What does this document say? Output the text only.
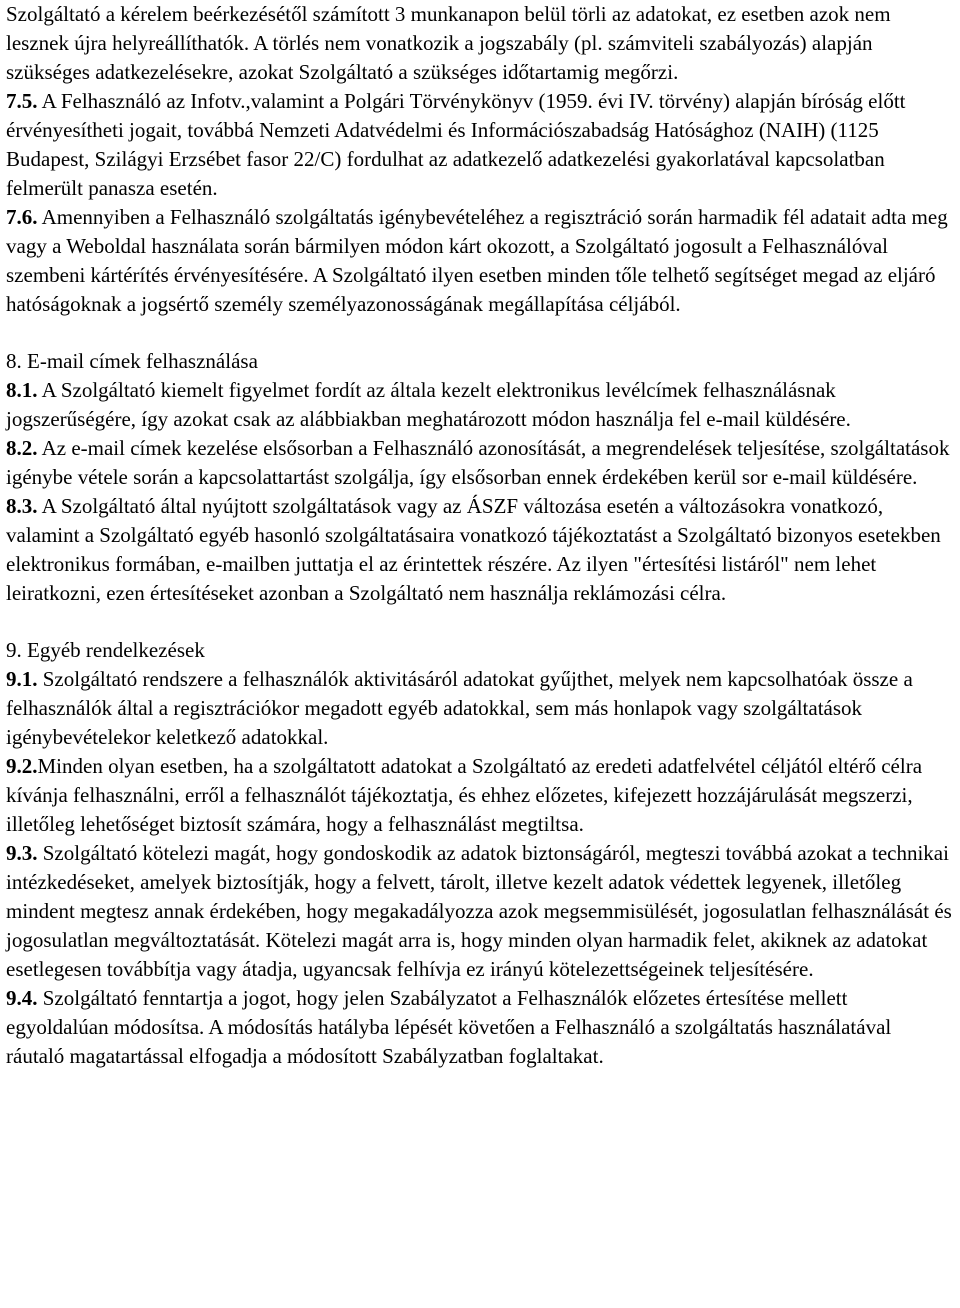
Szolgáltató a kérelem beérkezésétől számított 3 munkanapon belül törli az adatokat, ez esetben azok nem lesznek újra helyreállíthatók. A törlés nem vonatkozik a jogszabály (pl. számviteli szabályozás) alapján szükséges adatkezelésekre, azokat Szolgáltató a szükséges időtartamig megőrzi.

7.5. A Felhasználó az Infotv.,valamint a Polgári Törvénykönyv (1959. évi IV. törvény) alapján bíróság előtt érvényesítheti jogait, továbbá Nemzeti Adatvédelmi és Információszabadság Hatósághoz (NAIH) (1125 Budapest, Szilágyi Erzsébet fasor 22/C) fordulhat az adatkezelő adatkezelési gyakorlatával kapcsolatban felmerült panasza esetén.

7.6. Amennyiben a Felhasználó szolgáltatás igénybevételéhez a regisztráció során harmadik fél adatait adta meg vagy a Weboldal használata során bármilyen módon kárt okozott, a Szolgáltató jogosult a Felhasználóval szembeni kártérítés érvényesítésére. A Szolgáltató ilyen esetben minden tőle telhető segítséget megad az eljáró hatóságoknak a jogsértő személy személyazonosságának megállapítása céljából.

8. E-mail címek felhasználása

8.1. A Szolgáltató kiemelt figyelmet fordít az általa kezelt elektronikus levélcímek felhasználásnak jogszerűségére, így azokat csak az alábbiakban meghatározott módon használja fel e-mail küldésére.

8.2. Az e-mail címek kezelése elsősorban a Felhasználó azonosítását, a megrendelések teljesítése, szolgáltatások igénybe vétele során a kapcsolattartást szolgálja, így elsősorban ennek érdekében kerül sor e-mail küldésére.

8.3. A Szolgáltató által nyújtott szolgáltatások vagy az ÁSZF változása esetén a változásokra vonatkozó, valamint a Szolgáltató egyéb hasonló szolgáltatásaira vonatkozó tájékoztatást a Szolgáltató bizonyos esetekben elektronikus formában, e-mailben juttatja el az érintettek részére. Az ilyen "értesítési listáról" nem lehet leiratkozni, ezen értesítéseket azonban a Szolgáltató nem használja reklámozási célra.

9. Egyéb rendelkezések

9.1. Szolgáltató rendszere a felhasználók aktivitásáról adatokat gyűjthet, melyek nem kapcsolhatóak össze a felhasználók által a regisztrációkor megadott egyéb adatokkal, sem más honlapok vagy szolgáltatások igénybevételekor keletkező adatokkal.

9.2.Minden olyan esetben, ha a szolgáltatott adatokat a Szolgáltató az eredeti adatfelvétel céljától eltérő célra kívánja felhasználni, erről a felhasználót tájékoztatja, és ehhez előzetes, kifejezett hozzájárulását megszerzi, illetőleg lehetőséget biztosít számára, hogy a felhasználást megtiltsa.

9.3. Szolgáltató kötelezi magát, hogy gondoskodik az adatok biztonságáról, megteszi továbbá azokat a technikai intézkedéseket, amelyek biztosítják, hogy a felvett, tárolt, illetve kezelt adatok védettek legyenek, illetőleg mindent megtesz annak érdekében, hogy megakadályozza azok megsemmisülését, jogosulatlan felhasználását és jogosulatlan megváltoztatását. Kötelezi magát arra is, hogy minden olyan harmadik felet, akiknek az adatokat esetlegesen továbbítja vagy átadja, ugyancsak felhívja ez irányú kötelezettségeinek teljesítésére.

9.4. Szolgáltató fenntartja a jogot, hogy jelen Szabályzatot a Felhasználók előzetes értesítése mellett egyoldalúan módosítsa. A módosítás hatályba lépését követően a Felhasználó a szolgáltatás használatával ráutaló magatartással elfogadja a módosított Szabályzatban foglaltakat.
